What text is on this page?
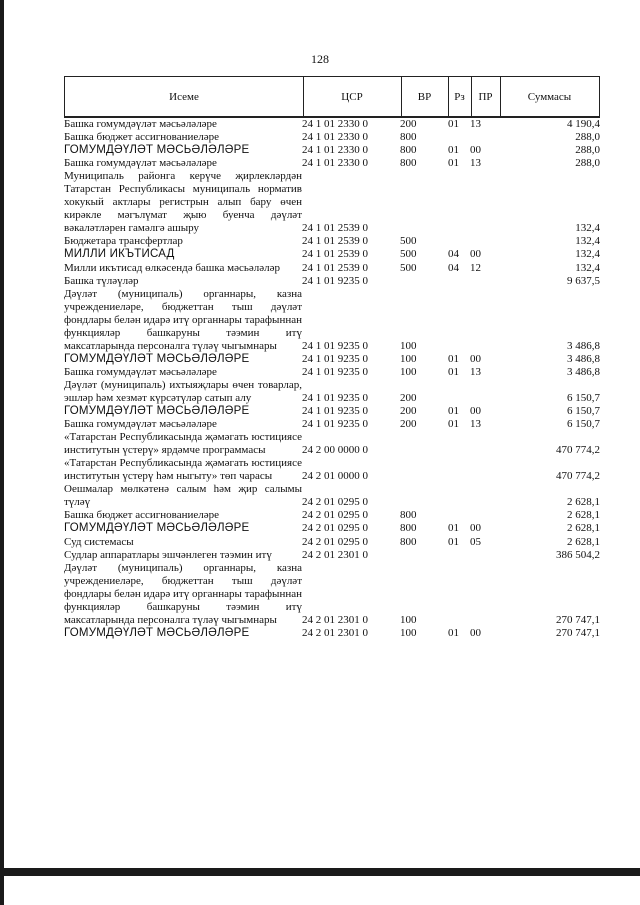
128
Исеме	ЦСР	ВР	Рз	ПР	Суммасы
Башка гомумдәүләт мәсьәләләре	24 1 01 2330 0	200	01	13	4 190,4
Башка бюджет ассигнованиеләре	24 1 01 2330 0	800			288,0
ГОМУМДӘҮЛӘТ МӘСЬӘЛӘЛӘРЕ	24 1 01 2330 0	800	01	00	288,0
Башка гомумдәүләт мәсьәләләре	24 1 01 2330 0	800	01	13	288,0
Муниципаль районга керүче җирлекләрдән Татарстан Республикасы муниципаль норматив хокукый актлары регистрын алып бару өчен кирәкле мәгълүмат җыю буенча дәүләт вәкаләтләрен гамәлгә ашыру	24 1 01 2539 0				132,4
Бюджетара трансфертлар	24 1 01 2539 0	500			132,4
МИЛЛИ ИКЪТИСАД	24 1 01 2539 0	500	04	00	132,4
Милли икътисад өлкәсендә башка мәсьәләләр	24 1 01 2539 0	500	04	12	132,4
Башка түләүләр	24 1 01 9235 0				9 637,5
Дәүләт (муниципаль) органнары, казна учреждениеләре, бюджеттан тыш дәүләт фондлары белән идарә итү органнары тарафыннан функцияләр башкаруны тәэмин итү максатларында персоналга түләү чыгымнары	24 1 01 9235 0	100			3 486,8
ГОМУМДӘҮЛӘТ МӘСЬӘЛӘЛӘРЕ	24 1 01 9235 0	100	01	00	3 486,8
Башка гомумдәүләт мәсьәләләре	24 1 01 9235 0	100	01	13	3 486,8
Дәүләт (муниципаль) ихтыяҗлары өчен товарлар, эшләр һәм хезмәт күрсәтүләр сатып алу	24 1 01 9235 0	200			6 150,7
ГОМУМДӘҮЛӘТ МӘСЬӘЛӘЛӘРЕ	24 1 01 9235 0	200	01	00	6 150,7
Башка гомумдәүләт мәсьәләләре	24 1 01 9235 0	200	01	13	6 150,7
«Татарстан Республикасында җәмәгать юстициясе институтын үстерү» ярдәмче программасы	24 2 00 0000 0				470 774,2
«Татарстан Республикасында җәмәгать юстициясе институтын үстерү һәм ныгыту» төп чарасы	24 2 01 0000 0				470 774,2
Оешмалар мөлкәтенә салым һәм җир салымы түләү	24 2 01 0295 0				2 628,1
Башка бюджет ассигнованиеләре	24 2 01 0295 0	800			2 628,1
ГОМУМДӘҮЛӘТ МӘСЬӘЛӘЛӘРЕ	24 2 01 0295 0	800	01	00	2 628,1
Суд системасы	24 2 01 0295 0	800	01	05	2 628,1
Судлар аппаратлары эшчәнлеген тәэмин итү	24 2 01 2301 0				386 504,2
Дәүләт (муниципаль) органнары, казна учреждениеләре, бюджеттан тыш дәүләт фондлары белән идарә итү органнары тарафыннан функцияләр башкаруны тәэмин итү максатларында персоналга түләү чыгымнары	24 2 01 2301 0	100			270 747,1
ГОМУМДӘҮЛӘТ МӘСЬӘЛӘЛӘРЕ	24 2 01 2301 0	100	01	00	270 747,1
